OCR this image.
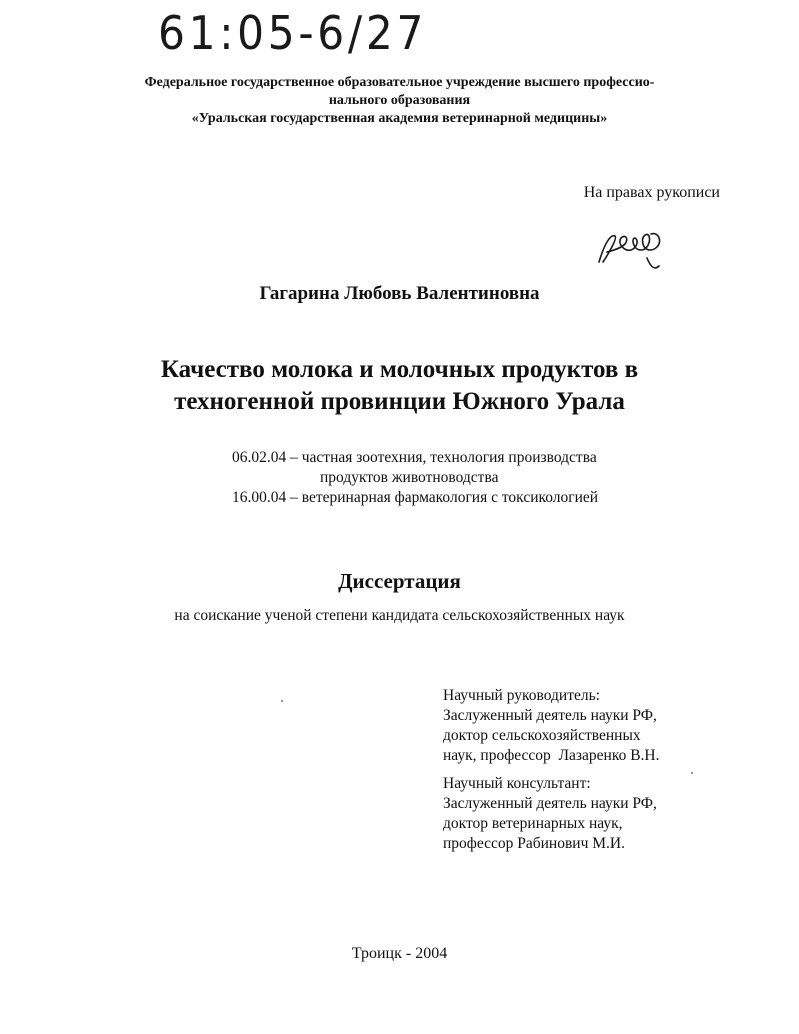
61:05-6/27
Федеральное государственное образовательное учреждение высшего профессио-
нального образования
«Уральская государственная академия ветеринарной медицины»
На правах рукописи
Гагарина Любовь Валентиновна
Качество молока и молочных продуктов в
техногенной провинции Южного Урала
06.02.04 – частная зоотехния, технология производства
продуктов животноводства
16.00.04 – ветеринарная фармакология с токсикологией
Диссертация
на соискание ученой степени кандидата сельскохозяйственных наук
Научный руководитель:
Заслуженный деятель науки РФ,
доктор сельскохозяйственных
наук, профессор  Лазаренко В.Н.
Научный консультант:
Заслуженный деятель науки РФ,
доктор ветеринарных наук,
профессор Рабинович М.И.
Троицк - 2004
